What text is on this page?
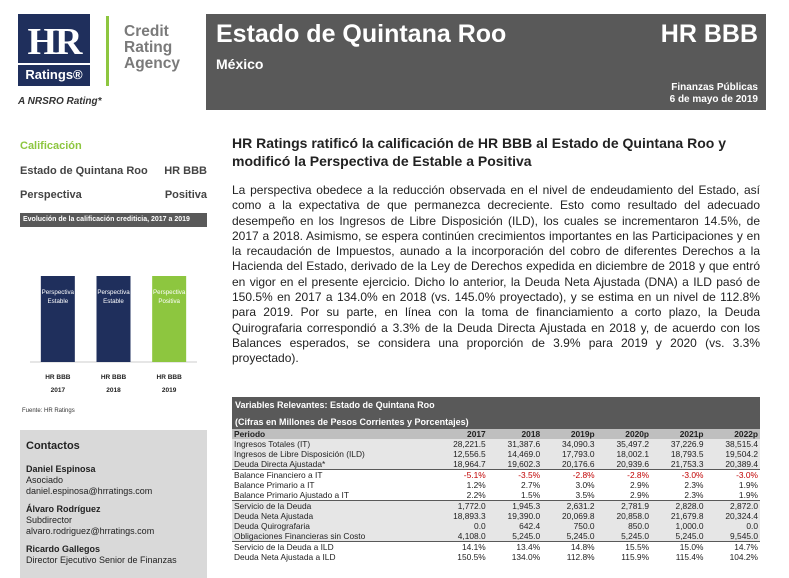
HR
Ratings®
Credit
Rating
Agency
A NRSRO Rating*
Estado de Quintana Roo	HR BBB
México
Finanzas Públicas
6 de mayo de 2019
Calificación
Estado de Quintana Roo HR BBB
Perspectiva	Positiva
Evolución de la calificación crediticia, 2017 a 2019
Perspectiva
Estable
HR BBB
2017
Perspectiva
Estable
HR BBB
2018
Perspectiva
Positiva
HR BBB
2019
Fuente: HR Ratings
Contactos
Daniel Espinosa
Asociado
daniel.espinosa@hrratings.com
Álvaro Rodríguez
Subdirector
alvaro.rodriguez@hrratings.com
Ricardo Gallegos
Director Ejecutivo Senior de Finanzas
HR Ratings ratificó la calificación de HR BBB al Estado de Quintana Roo y modificó la Perspectiva de Estable a Positiva
La perspectiva obedece a la reducción observada en el nivel de endeudamiento del Estado, así como a la expectativa de que permanezca decreciente. Esto como resultado del adecuado desempeño en los Ingresos de Libre Disposición (ILD), los cuales se incrementaron 14.5%, de 2017 a 2018. Asimismo, se espera continúen crecimientos importantes en las Participaciones y en la recaudación de Impuestos, aunado a la incorporación del cobro de diferentes Derechos a la Hacienda del Estado, derivado de la Ley de Derechos expedida en diciembre de 2018 y que entró en vigor en el presente ejercicio. Dicho lo anterior, la Deuda Neta Ajustada (DNA) a ILD pasó de 150.5% en 2017 a 134.0% en 2018 (vs. 145.0% proyectado), y se estima en un nivel de 112.8% para 2019. Por su parte, en línea con la toma de financiamiento a corto plazo, la Deuda Quirografaria correspondió a 3.3% de la Deuda Directa Ajustada en 2018 y, de acuerdo con los Balances esperados, se considera una proporción de 3.9% para 2019 y 2020 (vs. 3.3% proyectado).
Variables Relevantes: Estado de Quintana Roo
(Cifras en Millones de Pesos Corrientes y Porcentajes)
Periodo	2017	2018	2019p	2020p	2021p	2022p
Ingresos Totales (IT)	28,221.5	31,387.6	34,090.3	35,497.2	37,226.9	38,515.4
Ingresos de Libre Disposición (ILD)	12,556.5	14,469.0	17,793.0	18,002.1	18,793.5	19,504.2
Deuda Directa Ajustada*	18,964.7	19,602.3	20,176.6	20,939.6	21,753.3	20,389.4
Balance Financiero a IT	-5.1%	-3.5%	-2.8%	-2.8%	-3.0%	-3.0%
Balance Primario a IT	1.2%	2.7%	3.0%	2.9%	2.3%	1.9%
Balance Primario Ajustado a IT	2.2%	1.5%	3.5%	2.9%	2.3%	1.9%
Servicio de la Deuda	1,772.0	1,945.3	2,631.2	2,781.9	2,828.0	2,872.0
Deuda Neta Ajustada	18,893.3	19,390.0	20,069.8	20,858.0	21,679.8	20,324.4
Deuda Quirografaria	0.0	642.4	750.0	850.0	1,000.0	0.0
Obligaciones Financieras sin Costo	4,108.0	5,245.0	5,245.0	5,245.0	5,245.0	9,545.0
Servicio de la Deuda a ILD	14.1%	13.4%	14.8%	15.5%	15.0%	14.7%
Deuda Neta Ajustada a ILD	150.5%	134.0%	112.8%	115.9%	115.4%	104.2%
